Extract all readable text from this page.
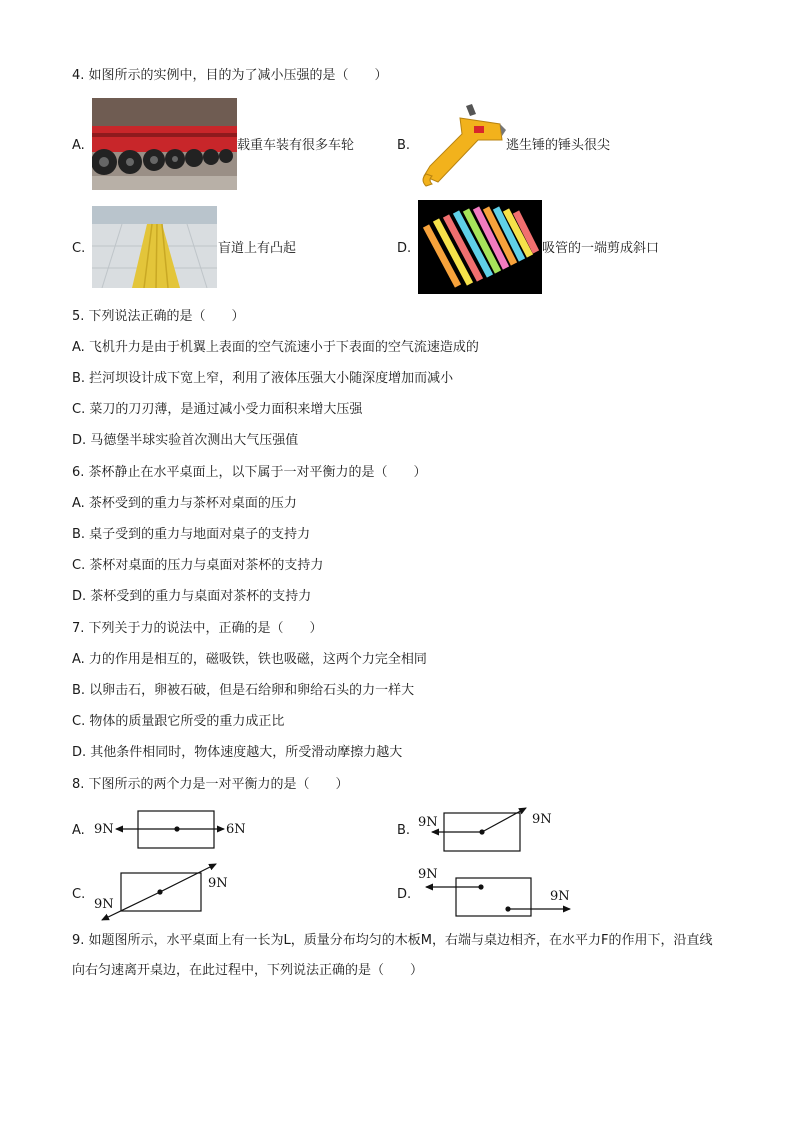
4. 如图所示的实例中，目的为了减小压强的是（　　）
A.	载重车装有很多车轮	B.	逃生锤的锤头很尖
C.	盲道上有凸起	D.	吸管的一端剪成斜口
5. 下列说法正确的是（　　）
A. 飞机升力是由于机翼上表面的空气流速小于下表面的空气流速造成的
B. 拦河坝设计成下宽上窄，利用了液体压强大小随深度增加而减小
C. 菜刀的刀刃薄，是通过减小受力面积来增大压强
D. 马德堡半球实验首次测出大气压强值
6. 茶杯静止在水平桌面上，以下属于一对平衡力的是（　　）
A. 茶杯受到的重力与茶杯对桌面的压力
B. 桌子受到的重力与地面对桌子的支持力
C. 茶杯对桌面的压力与桌面对茶杯的支持力
D. 茶杯受到的重力与桌面对茶杯的支持力
7. 下列关于力的说法中，正确的是（　　）
A. 力的作用是相互的，磁吸铁，铁也吸磁，这两个力完全相同
B. 以卵击石，卵被石破，但是石给卵和卵给石头的力一样大
C. 物体的质量跟它所受的重力成正比
D. 其他条件相同时，物体速度越大，所受滑动摩擦力越大
8. 下图所示的两个力是一对平衡力的是（　　）
A. 9N	6N	B.
9N	9N
C.
9N
9N
D.
9N
9N
9. 如题图所示，水平桌面上有一长为L，质量分布均匀的木板M，右端与桌边相齐，在水平力F的作用下，沿直线向右匀速离开桌边，在此过程中，下列说法正确的是（　　）
